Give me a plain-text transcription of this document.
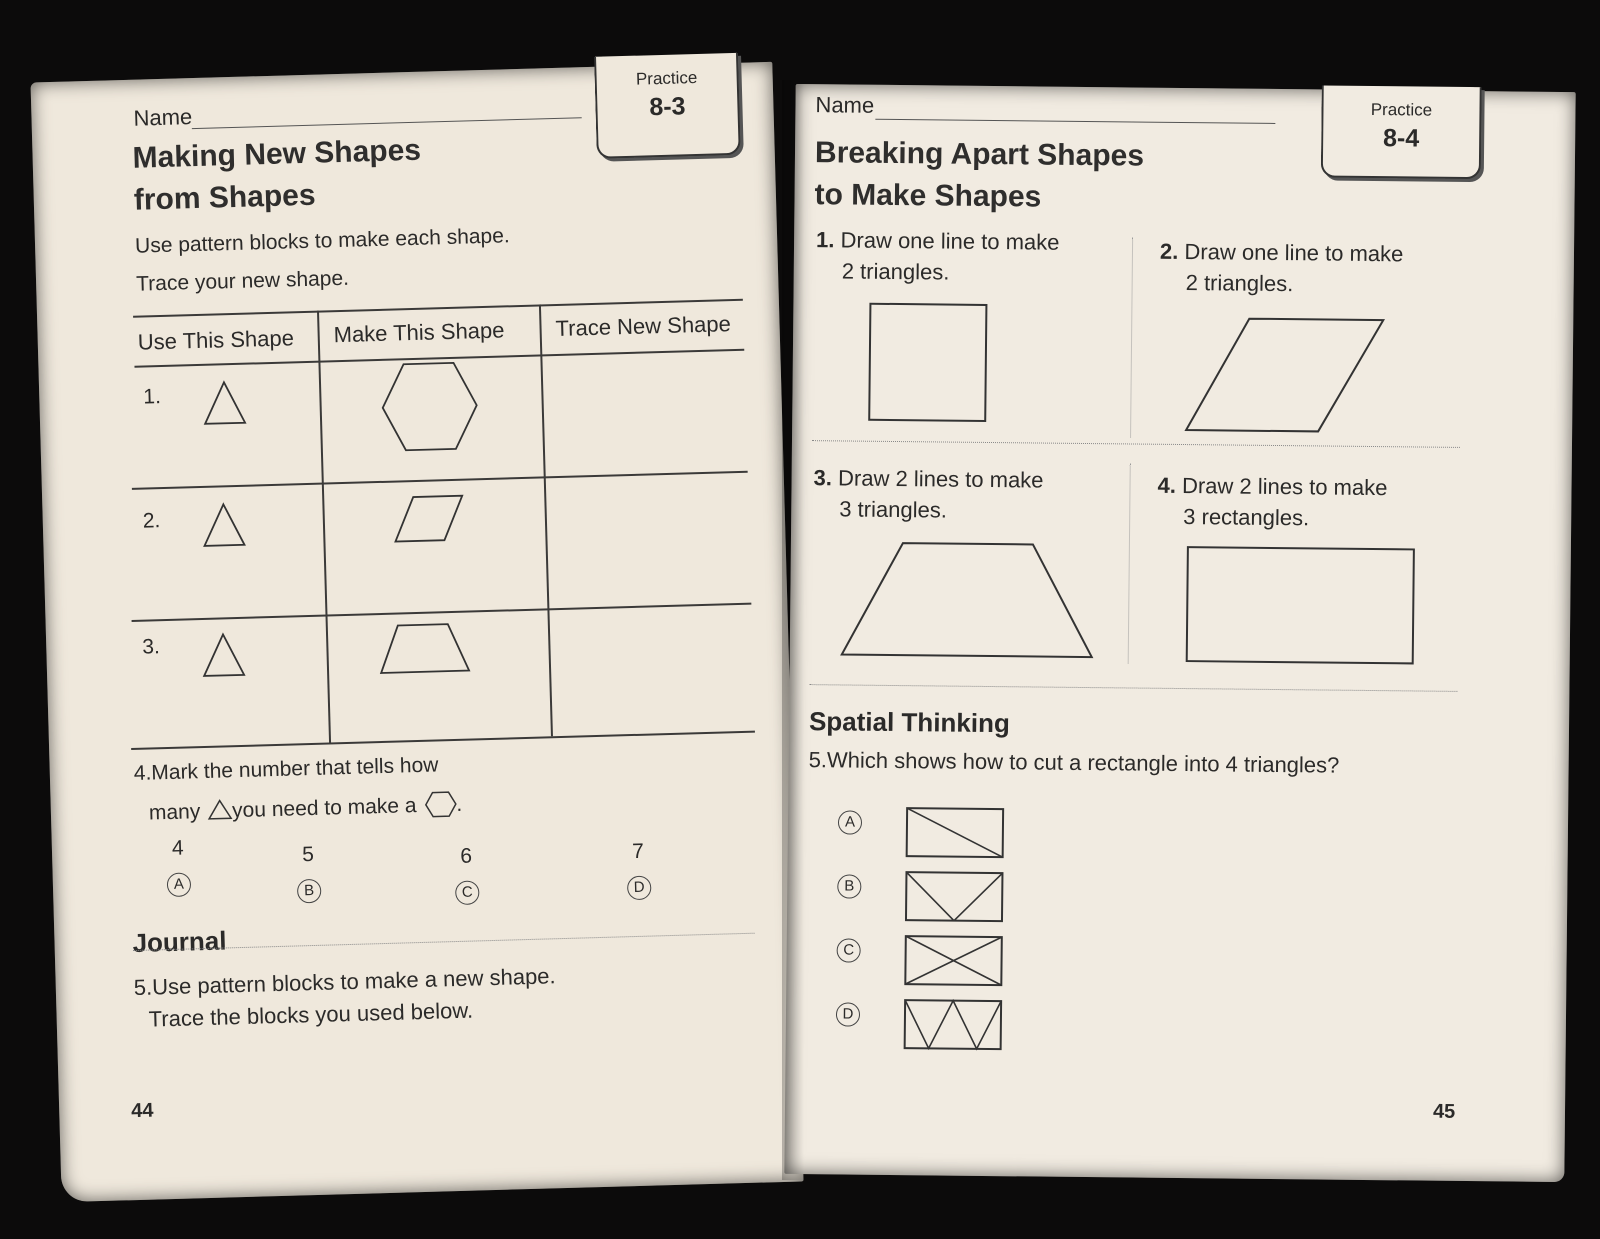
Name
Practice
8-3
Making New Shapes
from Shapes
Use pattern blocks to make each shape.
Trace your new shape.
Use This Shape Make This Shape Trace New Shape
1.
2.
3.
4.Mark the number that tells how
many you need to make a .
4
A
5
B
6
C
7
D
Journal
5.Use pattern blocks to make a new shape.
Trace the blocks you used below.
44
Name	Practice
8-4
Breaking Apart Shapes
to Make Shapes
1. Draw one line to make
2 triangles.
2. Draw one line to make
2 triangles.
3. Draw 2 lines to make
3 triangles.
4. Draw 2 lines to make
3 rectangles.
Spatial Thinking
5.Which shows how to cut a rectangle into 4 triangles?
A
B
C
D
45
